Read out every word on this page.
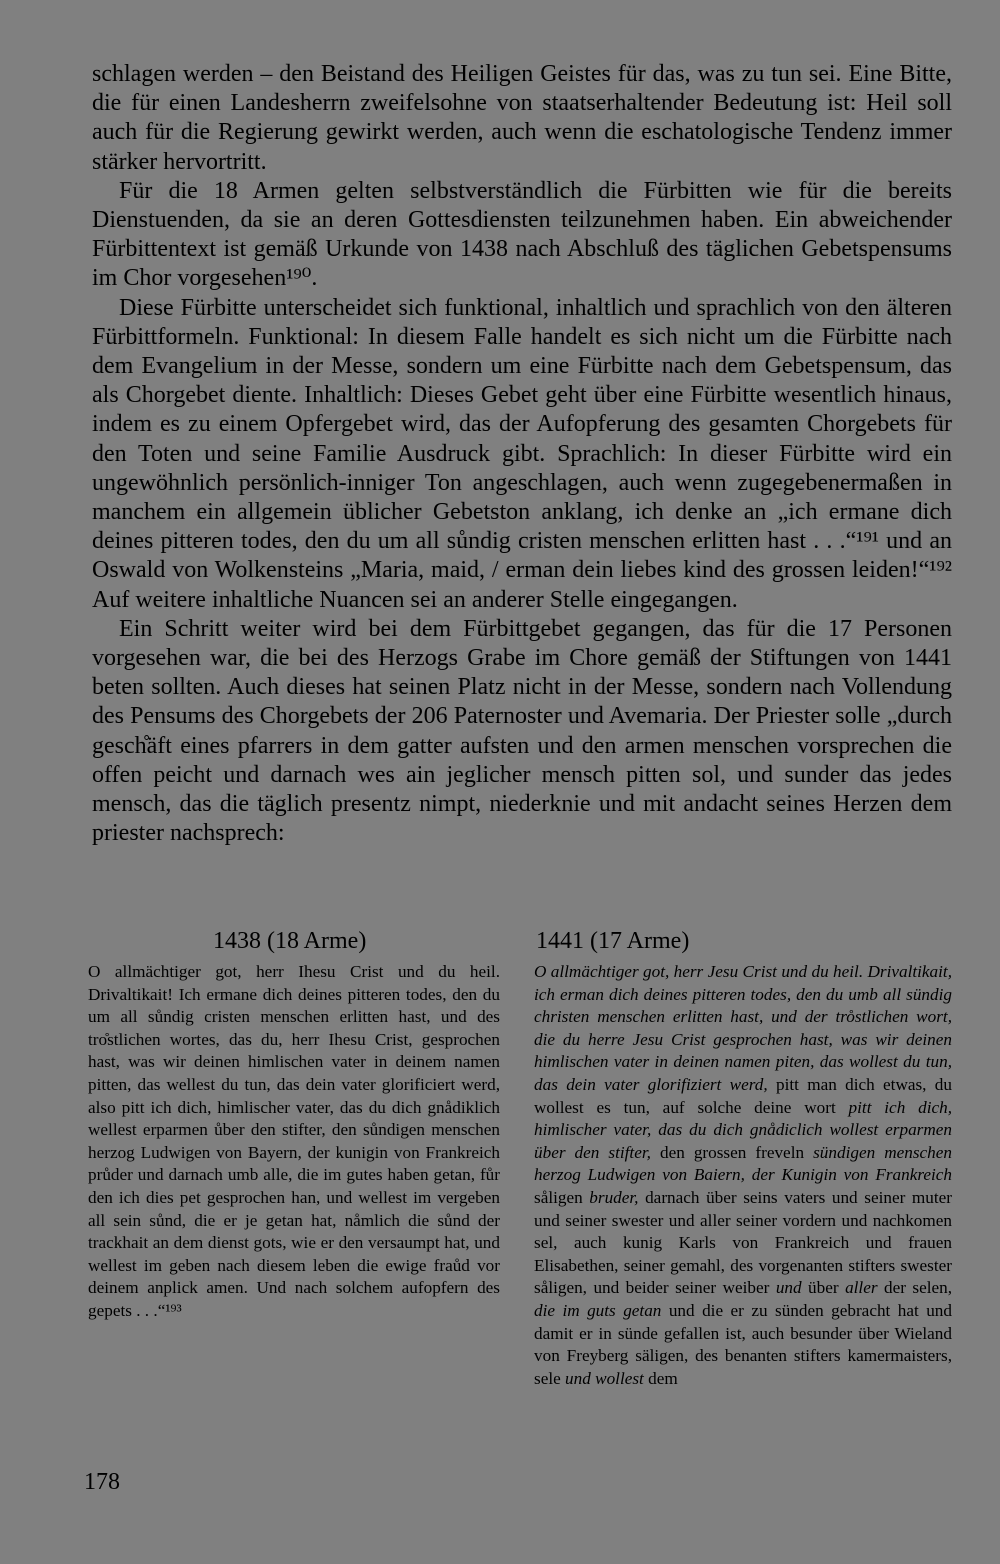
schlagen werden – den Beistand des Heiligen Geistes für das, was zu tun sei. Eine Bitte, die für einen Landesherrn zweifelsohne von staatserhaltender Bedeutung ist: Heil soll auch für die Regierung gewirkt werden, auch wenn die eschatologische Tendenz immer stärker hervortritt.

Für die 18 Armen gelten selbstverständlich die Fürbitten wie für die bereits Dienstuenden, da sie an deren Gottesdiensten teilzunehmen haben. Ein abweichender Fürbittentext ist gemäß Urkunde von 1438 nach Abschluß des täglichen Gebetspensums im Chor vorgesehen¹⁹⁰.

Diese Fürbitte unterscheidet sich funktional, inhaltlich und sprachlich von den älteren Fürbittformeln. Funktional: In diesem Falle handelt es sich nicht um die Fürbitte nach dem Evangelium in der Messe, sondern um eine Fürbitte nach dem Gebetspensum, das als Chorgebet diente. Inhaltlich: Dieses Gebet geht über eine Fürbitte wesentlich hinaus, indem es zu einem Opfergebet wird, das der Aufopferung des gesamten Chorgebets für den Toten und seine Familie Ausdruck gibt. Sprachlich: In dieser Fürbitte wird ein ungewöhnlich persönlich-inniger Ton angeschlagen, auch wenn zugegebenermaßen in manchem ein allgemein üblicher Gebetston anklang, ich denke an „ich ermane dich deines pitteren todes, den du um all sůndig cristen menschen erlitten hast . . .“¹⁹¹ und an Oswald von Wolkensteins „Maria, maid, / erman dein liebes kind des grossen leiden!“¹⁹² Auf weitere inhaltliche Nuancen sei an anderer Stelle eingegangen.

Ein Schritt weiter wird bei dem Fürbittgebet gegangen, das für die 17 Personen vorgesehen war, die bei des Herzogs Grabe im Chore gemäß der Stiftungen von 1441 beten sollten. Auch dieses hat seinen Platz nicht in der Messe, sondern nach Vollendung des Pensums des Chorgebets der 206 Paternoster und Avemaria. Der Priester solle „durch gesch̊äft eines pfarrers in dem gatter aufsten und den armen menschen vorsprechen die offen peicht und darnach wes ain jeglicher mensch pitten sol, und sunder das jedes mensch, das die täglich presentz nimpt, niederknie und mit andacht seines Herzen dem priester nachsprech:

1438 (18 Arme)	1441 (17 Arme)

O allmächtiger got, herr Ihesu Crist und du heil. Drivaltikait! Ich ermane dich deines pitteren todes, den du um all sůndig cristen menschen erlitten hast, und des tro̊stlichen wortes, das du, herr Ihesu Crist, gesprochen hast, was wir deinen himlischen vater in deinem namen pitten, das wellest du tun, das dein vater glorificiert werd, also pitt ich dich, himlischer vater, das du dich gnådiklich wellest erparmen ůber den stifter, den sůndigen menschen herzog Ludwigen von Bayern, der kunigin von Frankreich průder und darnach umb alle, die im gutes haben getan, fůr den ich dies pet gesprochen han, und wellest im vergeben all sein sůnd, die er je getan hat, nåmlich die sůnd der trackhait an dem dienst gots, wie er den versaumpt hat, und wellest im geben nach diesem leben die ewige fraůd vor deinem anplick amen. Und nach solchem aufopfern des gepets . . .“¹⁹³

O allmächtiger got, herr Jesu Crist und du heil. Drivaltikait, ich erman dich deines pitteren todes, den du umb all sündig christen menschen erlitten hast, und der tro̊stlichen wort, die du herre Jesu Crist gesprochen hast, was wir deinen himlischen vater in deinen namen piten, das wollest du tun, das dein vater glorifiziert werd, pitt man dich etwas, du wollest es tun, auf solche deine wort pitt ich dich, himlischer vater, das du dich gnådiclich wollest erparmen über den stifter, den grossen freveln sündigen menschen herzog Ludwigen von Baiern, der Kunigin von Frankreich såligen bruder, darnach über seins vaters und seiner muter und seiner swester und aller seiner vordern und nachkomen sel, auch kunig Karls von Frankreich und frauen Elisabethen, seiner gemahl, des vorgenanten stifters swester såligen, und beider seiner weiber und über aller der selen, die im guts getan und die er zu sünden gebracht hat und damit er in sünde gefallen ist, auch besunder über Wieland von Freyberg säligen, des benanten stifters kamermaisters, sele und wollest dem

178
